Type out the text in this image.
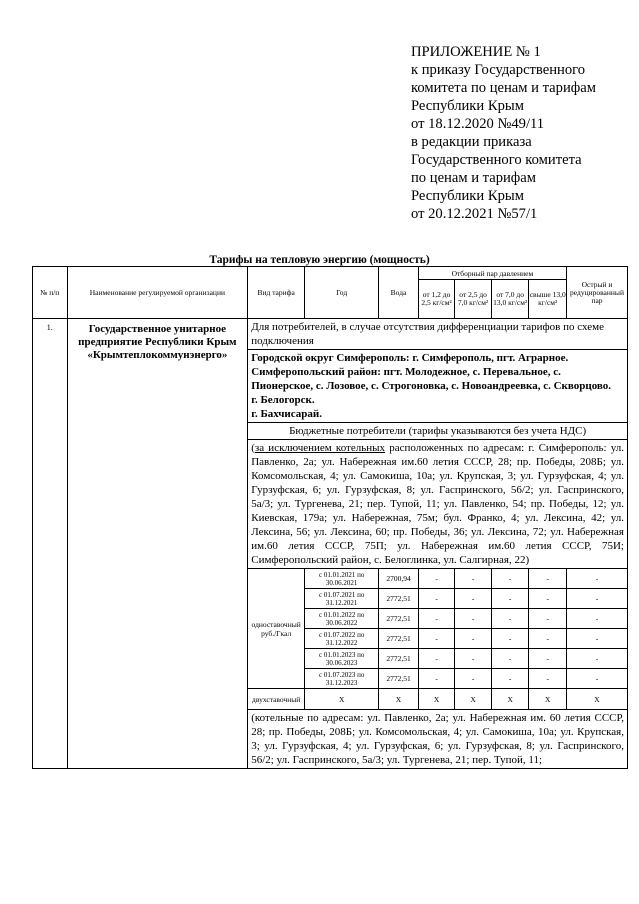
ПРИЛОЖЕНИЕ № 1
к приказу Государственного
комитета по ценам и тарифам
Республики Крым
от 18.12.2020 №49/11
в редакции приказа
Государственного комитета
по ценам и тарифам
Республики Крым
от 20.12.2021 №57/1
Тарифы на тепловую энергию (мощность)
№ п/п	Наименование регулируемой организации	Вид тарифа	Год	Вода	Отборный пар давлением				Острый и редуцированный пар
					от 1,2 до 2,5 кг/см²	от 2,5 до 7,0 кг/см²	от 7,0 до 13,0 кг/см²	свыше 13,0 кг/см²	
1.	Государственное унитарное предприятие Республики Крым «Крымтеплокоммунэнерго»	Для потребителей, в случае отсутствия дифференциации тарифов по схеме подключения							

		Городской округ Симферополь: г. Симферополь, пгт. Аграрное.
Симферопольский район: пгт. Молодежное, с. Перевальное, с. Пионерское, с. Лозовое, с. Строгоновка, с. Новоандреевка, с. Скворцово.
г. Белогорск.
г. Бахчисарай.							

		Бюджетные потребители (тарифы указываются без учета НДС)							
		(за исключением котельных расположенных по адресам: г. Симферополь: ул. Павленко, 2а; ул. Набережная им.60 летия СССР, 28; пр. Победы, 208Б; ул. Комсомольская, 4; ул. Самокиша, 10а; ул. Крупская, 3; ул. Гурзуфская, 4; ул. Гурзуфская, 6; ул. Гурзуфская, 8; ул. Гаспринского, 56/2; ул. Гаспринского, 5а/3; ул. Тургенева, 21; пер. Тупой, 11; ул. Павленко, 54; пр. Победы, 12; ул. Киевская, 179а; ул. Набережная, 75м; бул. Франко, 4; ул. Лексина, 42; ул. Лексина, 56; ул. Лексина, 60; пр. Победы, 36; ул. Лексина, 72; ул. Набережная им.60 летия СССР, 75П; ул. Набережная им.60 летия СССР, 75И; Симферопольский район, с. Белоглинка, ул. Салгирная, 22)							
		одноставочный руб./Гкал	с 01.01.2021 по 30.06.2021	2700,94	-	-	-	-	-
			с 01.07.2021 по 31.12.2021	2772,51	-	-	-	-	-
			с 01.01.2022 по 30.06.2022	2772,51	-	-	-	-	-
			с 01.07.2022 по 31.12.2022	2772,51	-	-	-	-	-
			с 01.01.2023 по 30.06.2023	2772,51	-	-	-	-	-
			с 01.07.2023 по 31.12.2023	2772,51	-	-	-	-	-
		двухставочный	X	X	X	X	X	X	X
		(котельные по адресам: ул. Павленко, 2а; ул. Набережная им. 60 летия СССР, 28; пр. Победы, 208Б; ул. Комсомольская, 4; ул. Самокиша, 10а; ул. Крупская, 3; ул. Гурзуфская, 4; ул. Гурзуфская, 6; ул. Гурзуфская, 8; ул. Гаспринского, 56/2; ул. Гаспринского, 5а/3; ул. Тургенева, 21; пер. Тупой, 11;							
